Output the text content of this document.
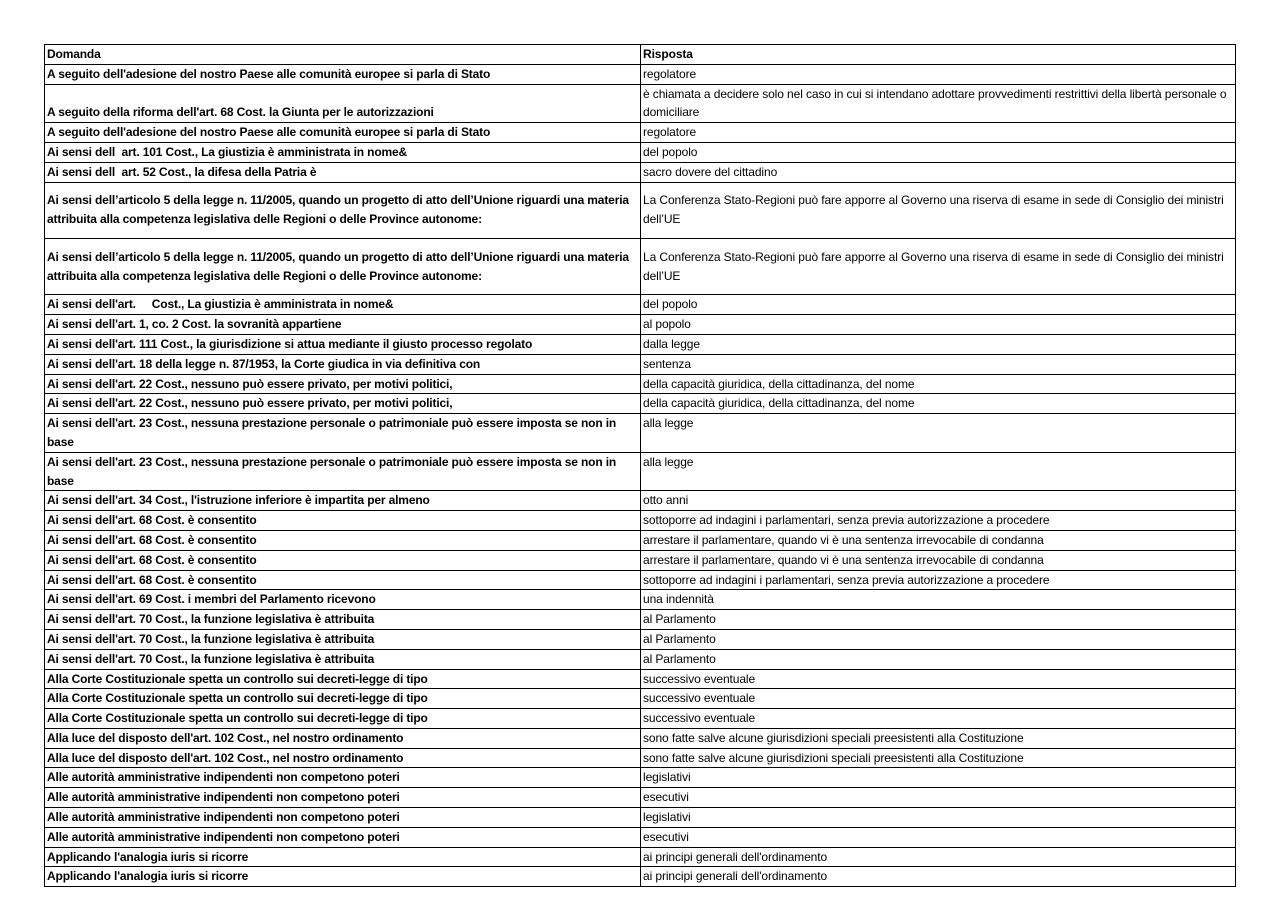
Domanda	Risposta
A seguito dell'adesione del nostro Paese alle comunità europee si parla di Stato	regolatore
A seguito della riforma dell'art. 68 Cost. la Giunta per le autorizzazioni	è chiamata a decidere solo nel caso in cui si intendano adottare provvedimenti restrittivi della libertà personale o domiciliare
A seguito dell'adesione del nostro Paese alle comunità europee si parla di Stato	regolatore
Ai sensi dell  art. 101 Cost., La giustizia è amministrata in nome&	del popolo
Ai sensi dell  art. 52 Cost., la difesa della Patria è	sacro dovere del cittadino
Ai sensi dell’articolo 5 della legge n. 11/2005, quando un progetto di atto dell’Unione riguardi una materia attribuita alla competenza legislativa delle Regioni o delle Province autonome:	La Conferenza Stato-Regioni può fare apporre al Governo una riserva di esame in sede di Consiglio dei ministri dell’UE
Ai sensi dell’articolo 5 della legge n. 11/2005, quando un progetto di atto dell’Unione riguardi una materia attribuita alla competenza legislativa delle Regioni o delle Province autonome:	La Conferenza Stato-Regioni può fare apporre al Governo una riserva di esame in sede di Consiglio dei ministri dell’UE
Ai sensi dell'art.     Cost., La giustizia è amministrata in nome&	del popolo
Ai sensi dell'art. 1, co. 2 Cost. la sovranità appartiene	al popolo
Ai sensi dell'art. 111 Cost., la giurisdizione si attua mediante il giusto processo regolato	dalla legge
Ai sensi dell'art. 18 della legge n. 87/1953, la Corte giudica in via definitiva con	sentenza
Ai sensi dell'art. 22 Cost., nessuno può essere privato, per motivi politici,	della capacità giuridica, della cittadinanza, del nome
Ai sensi dell'art. 22 Cost., nessuno può essere privato, per motivi politici,	della capacità giuridica, della cittadinanza, del nome
Ai sensi dell'art. 23 Cost., nessuna prestazione personale o patrimoniale può essere imposta se non in base	alla legge
Ai sensi dell'art. 23 Cost., nessuna prestazione personale o patrimoniale può essere imposta se non in base	alla legge
Ai sensi dell'art. 34 Cost., l'istruzione inferiore è impartita per almeno	otto anni
Ai sensi dell'art. 68 Cost. è consentito	sottoporre ad indagini i parlamentari, senza previa autorizzazione a procedere
Ai sensi dell'art. 68 Cost. è consentito	arrestare il parlamentare, quando vi è una sentenza irrevocabile di condanna
Ai sensi dell'art. 68 Cost. è consentito	arrestare il parlamentare, quando vi è una sentenza irrevocabile di condanna
Ai sensi dell'art. 68 Cost. è consentito	sottoporre ad indagini i parlamentari, senza previa autorizzazione a procedere
Ai sensi dell'art. 69 Cost. i membri del Parlamento ricevono	una indennità
Ai sensi dell'art. 70 Cost., la funzione legislativa è attribuita	al Parlamento
Ai sensi dell'art. 70 Cost., la funzione legislativa è attribuita	al Parlamento
Ai sensi dell'art. 70 Cost., la funzione legislativa è attribuita	al Parlamento
Alla Corte Costituzionale spetta un controllo sui decreti-legge di tipo	successivo eventuale
Alla Corte Costituzionale spetta un controllo sui decreti-legge di tipo	successivo eventuale
Alla Corte Costituzionale spetta un controllo sui decreti-legge di tipo	successivo eventuale
Alla luce del disposto dell'art. 102 Cost., nel nostro ordinamento	sono fatte salve alcune giurisdizioni speciali preesistenti alla Costituzione
Alla luce del disposto dell'art. 102 Cost., nel nostro ordinamento	sono fatte salve alcune giurisdizioni speciali preesistenti alla Costituzione
Alle autorità amministrative indipendenti non competono poteri	legislativi
Alle autorità amministrative indipendenti non competono poteri	esecutivi
Alle autorità amministrative indipendenti non competono poteri	legislativi
Alle autorità amministrative indipendenti non competono poteri	esecutivi
Applicando l'analogia iuris si ricorre	ai principi generali dell'ordinamento
Applicando l'analogia iuris si ricorre	ai principi generali dell'ordinamento
